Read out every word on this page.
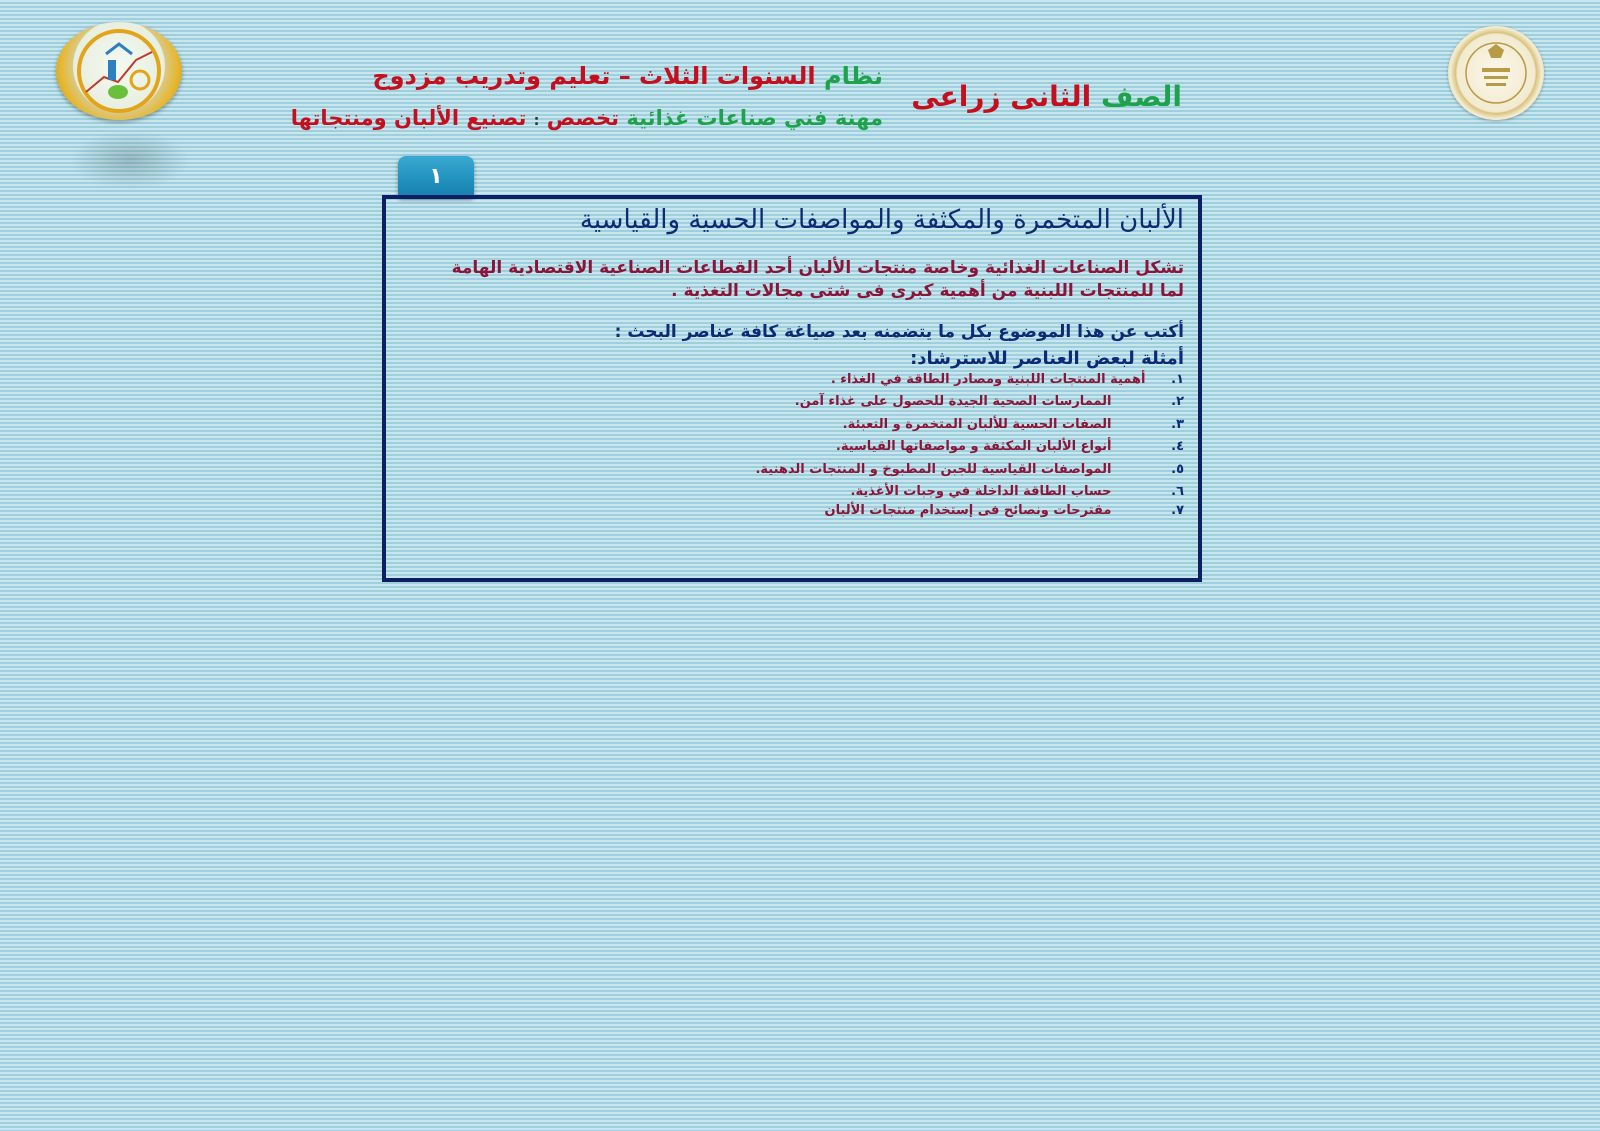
نظام السنوات الثلاث – تعليم وتدريب مزدوج
مهنة فني صناعات غذائية تخصص : تصنيع الألبان ومنتجاتها
الصف الثانى زراعى
١
الألبان المتخمرة والمكثفة والمواصفات الحسية والقياسية
تشكل الصناعات الغذائية وخاصة منتجات الألبان أحد القطاعات الصناعية الاقتصادية الهامة
لما للمنتجات اللبنية من أهمية كبرى فى شتى مجالات التغذية .
أكتب عن هذا الموضوع بكل ما يتضمنه بعد صياغة كافة عناصر البحث :
أمثلة لبعض العناصر للاسترشاد:
١. أهمية المنتجات اللبنية ومصادر الطاقة في الغذاء .
٢. الممارسات الصحية الجيدة للحصول على غذاء آمن.
٣. الصفات الحسية للألبان المتخمرة و التعبئة.
٤. أنواع الألبان المكثفة و مواصفاتها القياسية.
٥. المواصفات القياسية للجبن المطبوخ و المنتجات الدهنية.
٦. حساب الطاقة الداخلة في وجبات الأغذية.
٧. مقترحات ونصائح فى إستخدام منتجات الألبان
